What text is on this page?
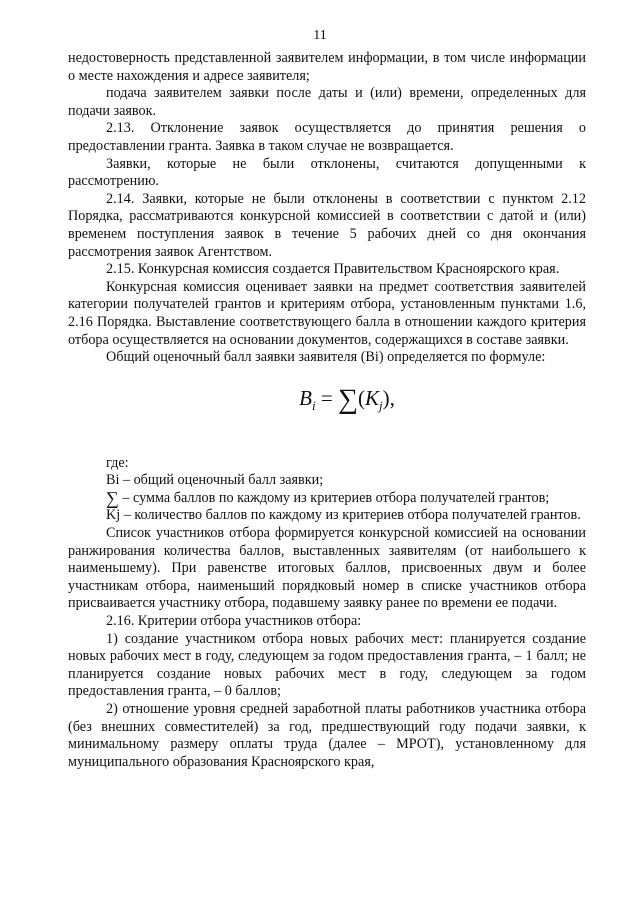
11

недостоверность представленной заявителем информации, в том числе информации о месте нахождения и адресе заявителя;

подача заявителем заявки после даты и (или) времени, определенных для подачи заявок.

2.13. Отклонение заявок осуществляется до принятия решения о предоставлении гранта. Заявка в таком случае не возвращается.

Заявки, которые не были отклонены, считаются допущенными к рассмотрению.

2.14. Заявки, которые не были отклонены в соответствии с пунктом 2.12 Порядка, рассматриваются конкурсной комиссией в соответствии с датой и (или) временем поступления заявок в течение 5 рабочих дней со дня окончания рассмотрения заявок Агентством.

2.15. Конкурсная комиссия создается Правительством Красноярского края.

Конкурсная комиссия оценивает заявки на предмет соответствия заявителей категории получателей грантов и критериям отбора, установленным пунктами 1.6, 2.16 Порядка. Выставление соответствующего балла в отношении каждого критерия отбора осуществляется на основании документов, содержащихся в составе заявки.

Общий оценочный балл заявки заявителя (Bi) определяется по формуле:

$B_i = \sum(K_j)$,

где:

Bi – общий оценочный балл заявки;

∑ – сумма баллов по каждому из критериев отбора получателей грантов;

Kj – количество баллов по каждому из критериев отбора получателей грантов.

Список участников отбора формируется конкурсной комиссией на основании ранжирования количества баллов, выставленных заявителям (от наибольшего к наименьшему). При равенстве итоговых баллов, присвоенных двум и более участникам отбора, наименьший порядковый номер в списке участников отбора присваивается участнику отбора, подавшему заявку ранее по времени ее подачи.

2.16. Критерии отбора участников отбора:

1) создание участником отбора новых рабочих мест: планируется создание новых рабочих мест в году, следующем за годом предоставления гранта, – 1 балл; не планируется создание новых рабочих мест в году, следующем за годом предоставления гранта, – 0 баллов;

2) отношение уровня средней заработной платы работников участника отбора (без внешних совместителей) за год, предшествующий году подачи заявки, к минимальному размеру оплаты труда (далее – МРОТ), установленному для муниципального образования Красноярского края,
